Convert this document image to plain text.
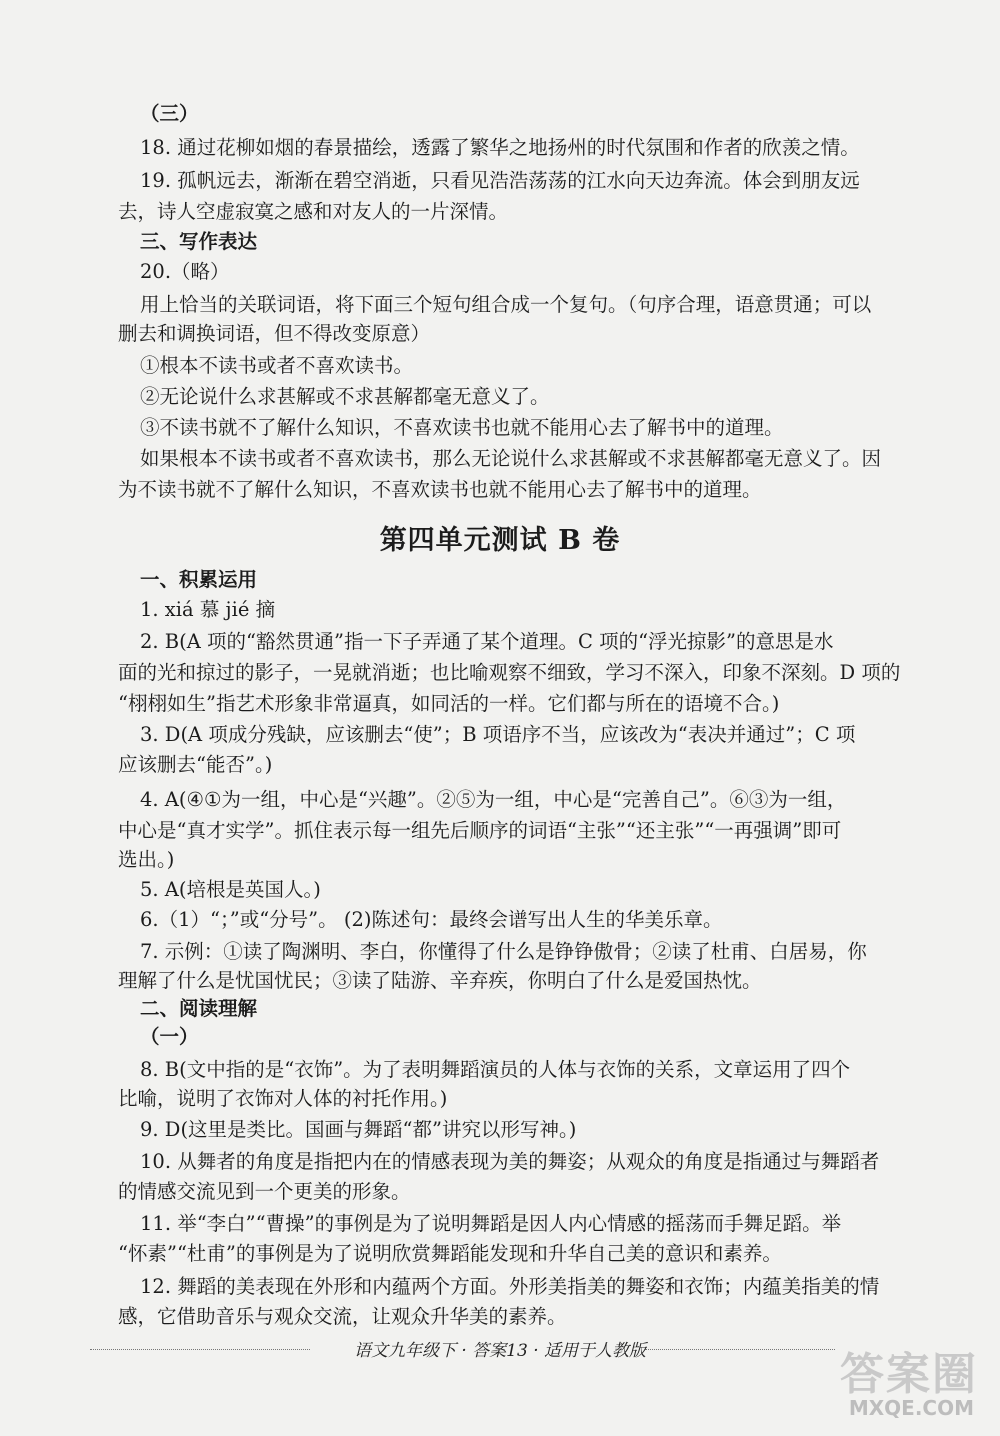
（三）
18. 通过花柳如烟的春景描绘，透露了繁华之地扬州的时代氛围和作者的欣羡之情。
19. 孤帆远去，渐渐在碧空消逝，只看见浩浩荡荡的江水向天边奔流。体会到朋友远
去，诗人空虚寂寞之感和对友人的一片深情。
三、写作表达
20.（略）
用上恰当的关联词语，将下面三个短句组合成一个复句。（句序合理，语意贯通；可以
删去和调换词语，但不得改变原意）
①根本不读书或者不喜欢读书。
②无论说什么求甚解或不求甚解都毫无意义了。
③不读书就不了解什么知识，不喜欢读书也就不能用心去了解书中的道理。
如果根本不读书或者不喜欢读书，那么无论说什么求甚解或不求甚解都毫无意义了。因
为不读书就不了解什么知识，不喜欢读书也就不能用心去了解书中的道理。
第四单元测试 B 卷
一、积累运用
1. xiá 慕 jié 摘
2. B(A 项的“豁然贯通”指一下子弄通了某个道理。C 项的“浮光掠影”的意思是水
面的光和掠过的影子，一晃就消逝；也比喻观察不细致，学习不深入，印象不深刻。D 项的
“栩栩如生”指艺术形象非常逼真，如同活的一样。它们都与所在的语境不合。)
3. D(A 项成分残缺，应该删去“使”；B 项语序不当，应该改为“表决并通过”；C 项
应该删去“能否”。)
4. A(④①为一组，中心是“兴趣”。②⑤为一组，中心是“完善自己”。⑥③为一组，
中心是“真才实学”。抓住表示每一组先后顺序的词语“主张”“还主张”“一再强调”即可
选出。)
5. A(培根是英国人。)
6.（1）“；”或“分号”。 (2)陈述句：最终会谱写出人生的华美乐章。
7. 示例：①读了陶渊明、李白，你懂得了什么是铮铮傲骨；②读了杜甫、白居易，你
理解了什么是忧国忧民；③读了陆游、辛弃疾，你明白了什么是爱国热忱。
二、阅读理解
（一）
8. B(文中指的是“衣饰”。为了表明舞蹈演员的人体与衣饰的关系，文章运用了四个
比喻，说明了衣饰对人体的衬托作用。)
9. D(这里是类比。国画与舞蹈“都”讲究以形写神。)
10. 从舞者的角度是指把内在的情感表现为美的舞姿；从观众的角度是指通过与舞蹈者
的情感交流见到一个更美的形象。
11. 举“李白”“曹操”的事例是为了说明舞蹈是因人内心情感的摇荡而手舞足蹈。举
“怀素”“杜甫”的事例是为了说明欣赏舞蹈能发现和升华自己美的意识和素养。
12. 舞蹈的美表现在外形和内蕴两个方面。外形美指美的舞姿和衣饰；内蕴美指美的情
感，它借助音乐与观众交流，让观众升华美的素养。
语文九年级下 · 答案13 · 适用于人教版	答案圈
MXQE.COM
